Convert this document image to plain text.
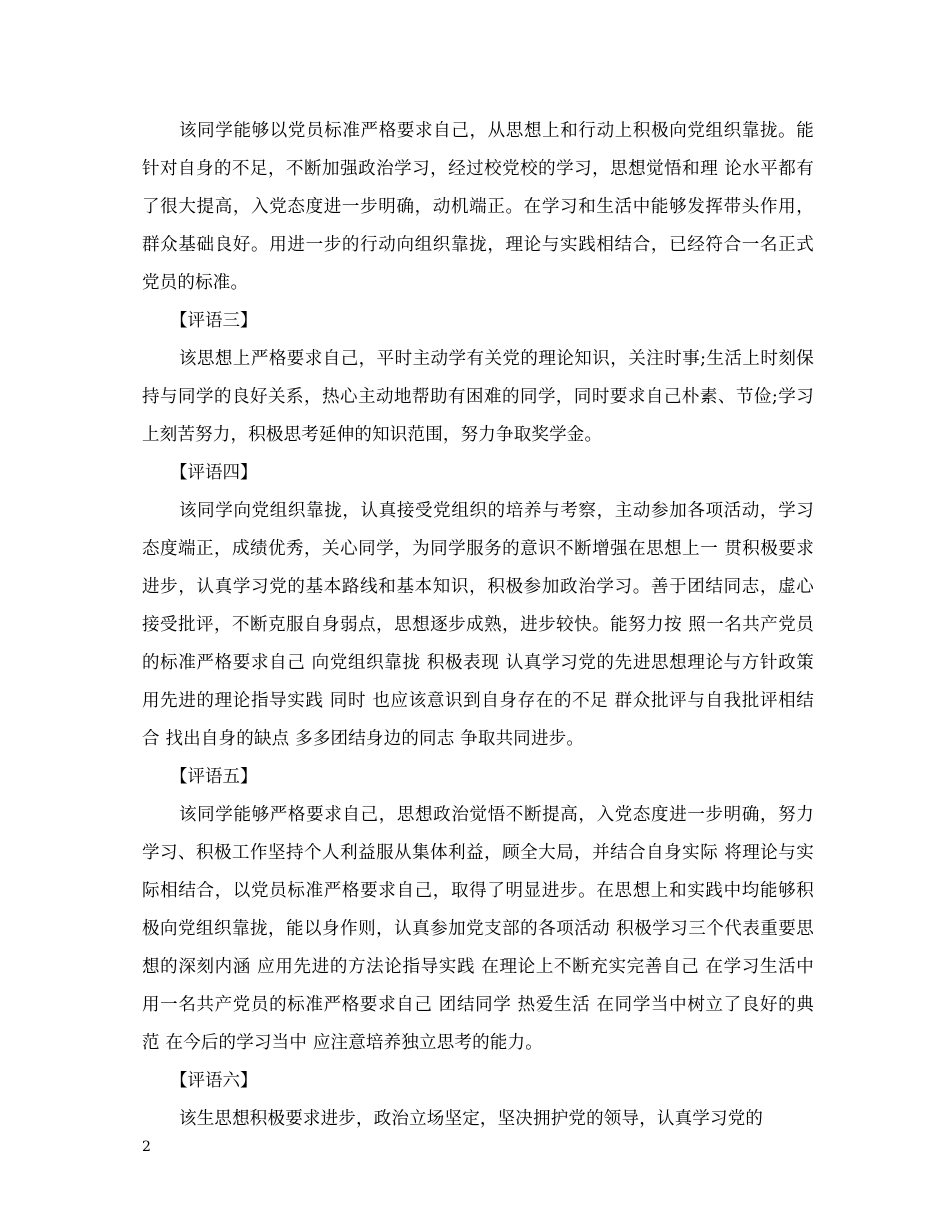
该同学能够以党员标准严格要求自己，从思想上和行动上积极向党组织靠拢。能针对自身的不足，不断加强政治学习，经过校党校的学习，思想觉悟和理 论水平都有了很大提高，入党态度进一步明确，动机端正。在学习和生活中能够发挥带头作用，群众基础良好。用进一步的行动向组织靠拢，理论与实践相结合，已经符合一名正式党员的标准。

【评语三】

该思想上严格要求自己，平时主动学有关党的理论知识，关注时事;生活上时刻保持与同学的良好关系，热心主动地帮助有困难的同学，同时要求自己朴素、节俭;学习上刻苦努力，积极思考延伸的知识范围，努力争取奖学金。

【评语四】

该同学向党组织靠拢，认真接受党组织的培养与考察，主动参加各项活动，学习态度端正，成绩优秀，关心同学，为同学服务的意识不断增强在思想上一 贯积极要求进步，认真学习党的基本路线和基本知识，积极参加政治学习。善于团结同志，虚心接受批评，不断克服自身弱点，思想逐步成熟，进步较快。能努力按 照一名共产党员的标准严格要求自己 向党组织靠拢 积极表现 认真学习党的先进思想理论与方针政策 用先进的理论指导实践 同时 也应该意识到自身存在的不足 群众批评与自我批评相结合 找出自身的缺点 多多团结身边的同志 争取共同进步。

【评语五】

该同学能够严格要求自己，思想政治觉悟不断提高，入党态度进一步明确，努力学习、积极工作坚持个人利益服从集体利益，顾全大局，并结合自身实际 将理论与实际相结合，以党员标准严格要求自己，取得了明显进步。在思想上和实践中均能够积极向党组织靠拢，能以身作则，认真参加党支部的各项活动 积极学习三个代表重要思想的深刻内涵 应用先进的方法论指导实践 在理论上不断充实完善自己 在学习生活中 用一名共产党员的标准严格要求自己 团结同学 热爱生活 在同学当中树立了良好的典范 在今后的学习当中 应注意培养独立思考的能力。

【评语六】

该生思想积极要求进步，政治立场坚定，坚决拥护党的领导，认真学习党的

2
